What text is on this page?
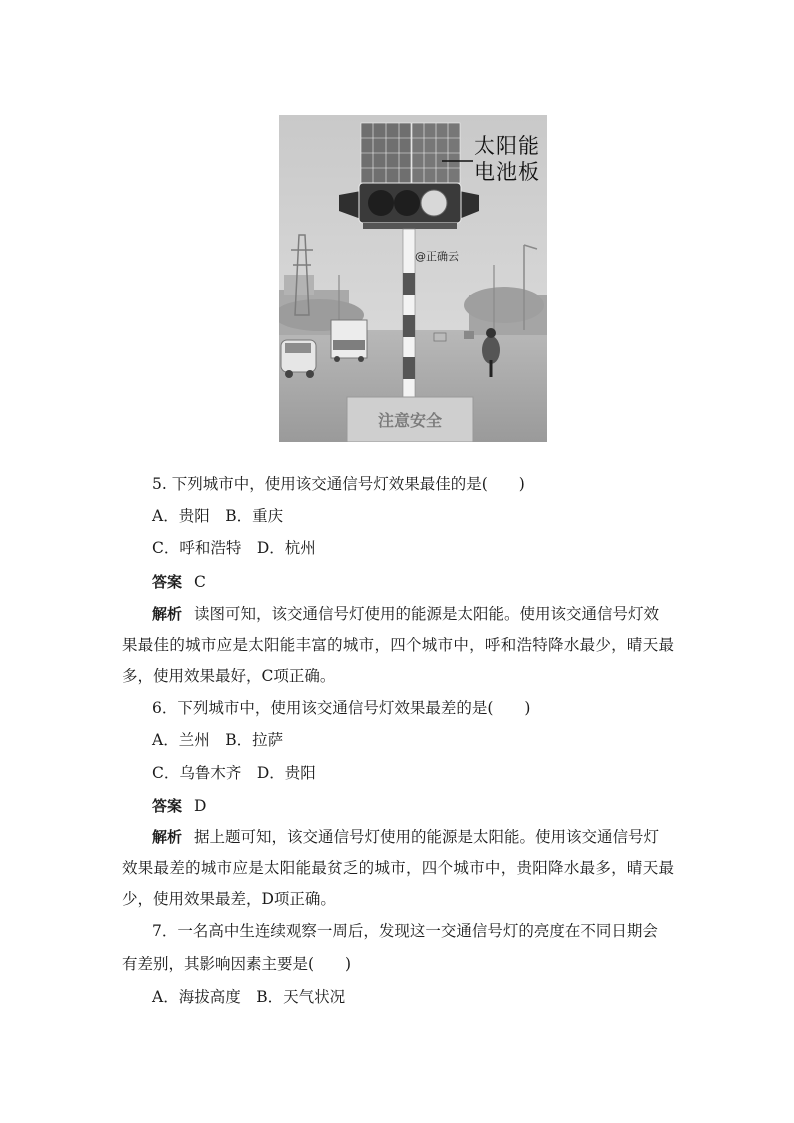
注意安全
太阳能
电池板
@正确云
5. 下列城市中，使用该交通信号灯效果最佳的是(　　)
A．贵阳　B．重庆
C．呼和浩特　D．杭州
答案 C
解析 读图可知，该交通信号灯使用的能源是太阳能。使用该交通信号灯效
果最佳的城市应是太阳能丰富的城市，四个城市中，呼和浩特降水最少，晴天最
多，使用效果最好，C项正确。
6．下列城市中，使用该交通信号灯效果最差的是(　　)
A．兰州　B．拉萨
C．乌鲁木齐　D．贵阳
答案 D
解析 据上题可知，该交通信号灯使用的能源是太阳能。使用该交通信号灯
效果最差的城市应是太阳能最贫乏的城市，四个城市中，贵阳降水最多，晴天最
少，使用效果最差，D项正确。
7．一名高中生连续观察一周后，发现这一交通信号灯的亮度在不同日期会
有差别，其影响因素主要是(　　)
A．海拔高度　B．天气状况
